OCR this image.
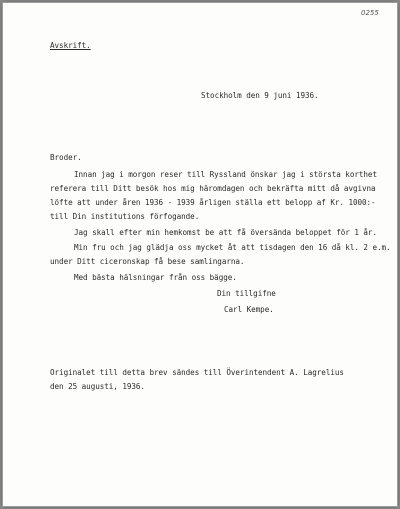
0255
Avskrift.
Stockholm den 9 juni 1936.
Broder.
Innan jag i morgon reser till Ryssland önskar jag i största korthet
referera till Ditt besök hos mig häromdagen och bekräfta mitt då avgivna
löfte att under åren 1936 - 1939 årligen ställa ett belopp af Kr. 1000:-
till Din institutions förfogande.
Jag skall efter min hemkomst be att få översända beloppet för 1 år.
Min fru och jag glädja oss mycket åt att tisdagen den 16 då kl. 2 e.m.
under Ditt ciceronskap få bese samlingarna.
Med bästa hälsningar från oss bägge.
Din tillgifne
Carl Kempe.
Originalet till detta brev sändes till Överintendent A. Lagrelius
den 25 augusti, 1936.
